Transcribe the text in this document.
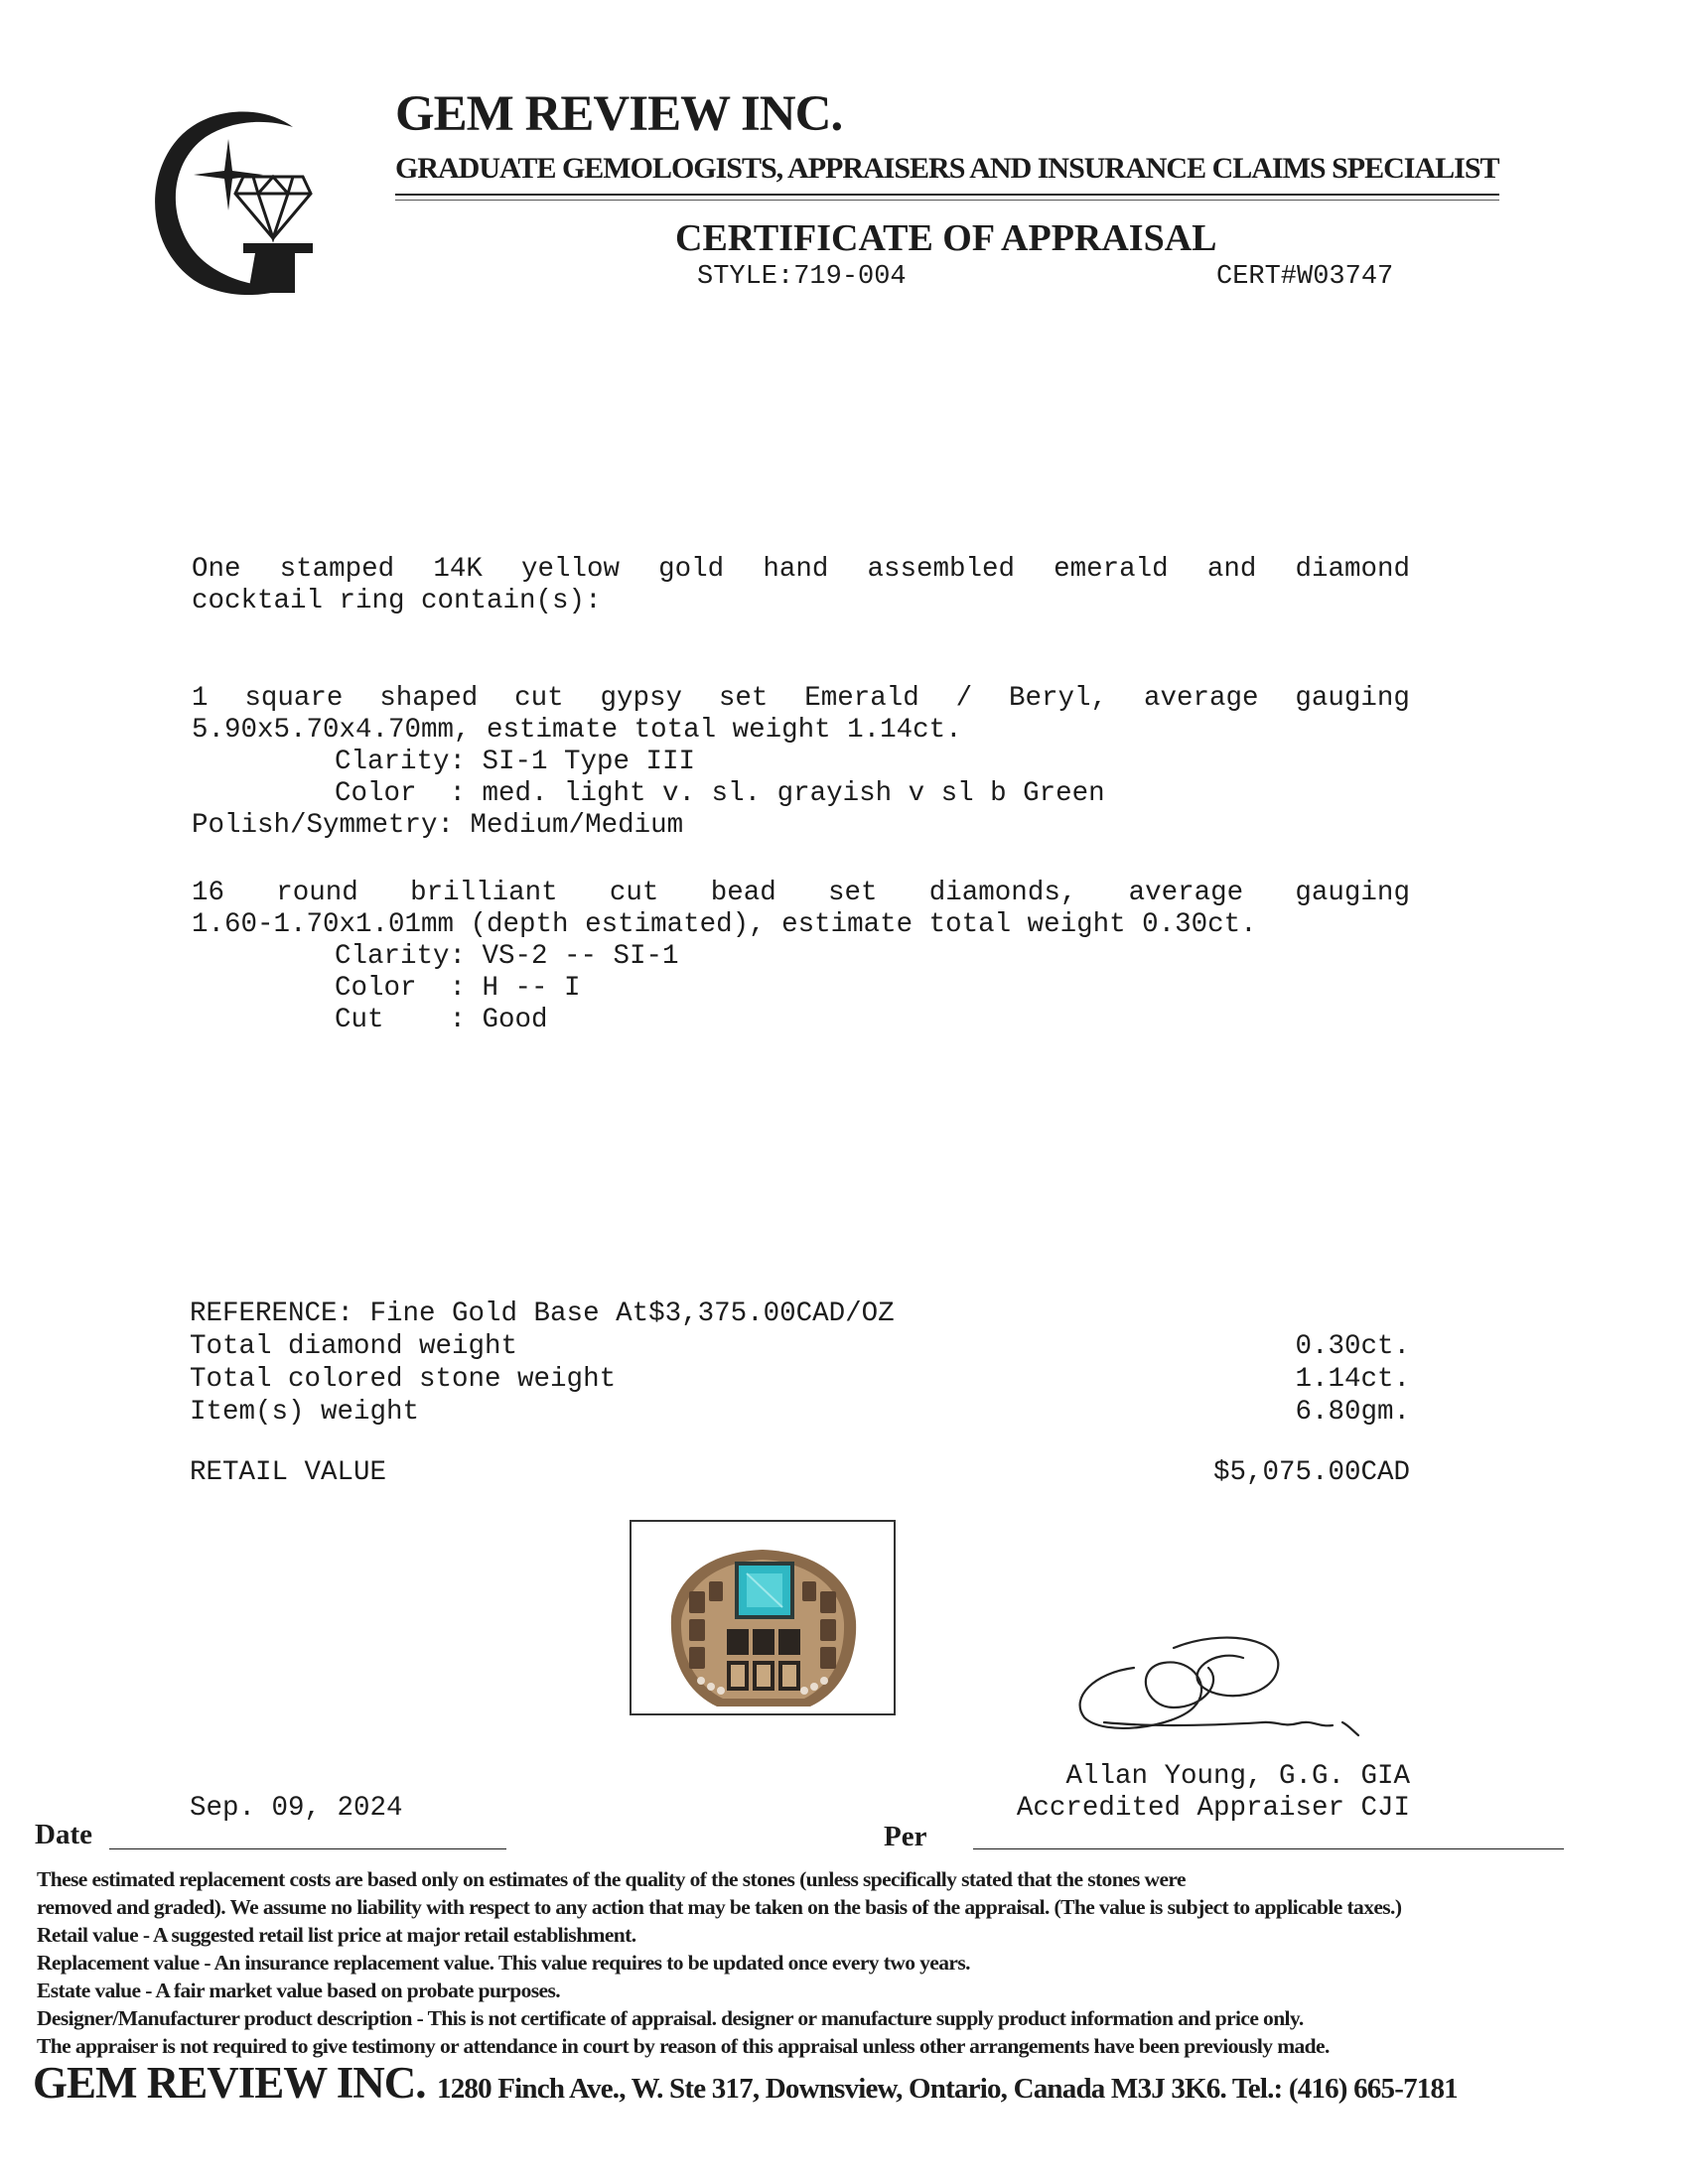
GEM REVIEW INC.
GRADUATE GEMOLOGISTS, APPRAISERS AND INSURANCE CLAIMS SPECIALIST
CERTIFICATE OF APPRAISAL
STYLE:719-004	CERT#W03747
One stamped 14K yellow gold hand assembled emerald and diamond
cocktail ring contain(s):
1 square shaped cut gypsy set Emerald / Beryl, average gauging
5.90x5.70x4.70mm, estimate total weight 1.14ct.
Clarity: SI-1 Type III
Color  : med. light v. sl. grayish v sl b Green
Polish/Symmetry: Medium/Medium
16 round brilliant cut bead set diamonds, average gauging
1.60-1.70x1.01mm (depth estimated), estimate total weight 0.30ct.
Clarity: VS-2 -- SI-1
Color  : H -- I
Cut    : Good
REFERENCE: Fine Gold Base At$3,375.00CAD/OZ
Total diamond weight	0.30ct.
Total colored stone weight	1.14ct.
Item(s) weight	6.80gm.
RETAIL VALUE	$5,075.00CAD
Allan Young, G.G. GIA
Accredited Appraiser CJI
Sep. 09, 2024
Date	Per
These estimated replacement costs are based only on estimates of the quality of the stones (unless specifically stated that the stones were
removed and graded). We assume no liability with respect to any action that may be taken on the basis of the appraisal. (The value is subject to applicable taxes.)
Retail value - A suggested retail list price at major retail establishment.
Replacement value - An insurance replacement value. This value requires to be updated once every two years.
Estate value - A fair market value based on probate purposes.
Designer/Manufacturer product description - This is not certificate of appraisal. designer or manufacture supply product information and price only.
The appraiser is not required to give testimony or attendance in court by reason of this appraisal unless other arrangements have been previously made.
GEM REVIEW INC. 1280 Finch Ave., W. Ste 317, Downsview, Ontario, Canada M3J 3K6. Tel.: (416) 665-7181
